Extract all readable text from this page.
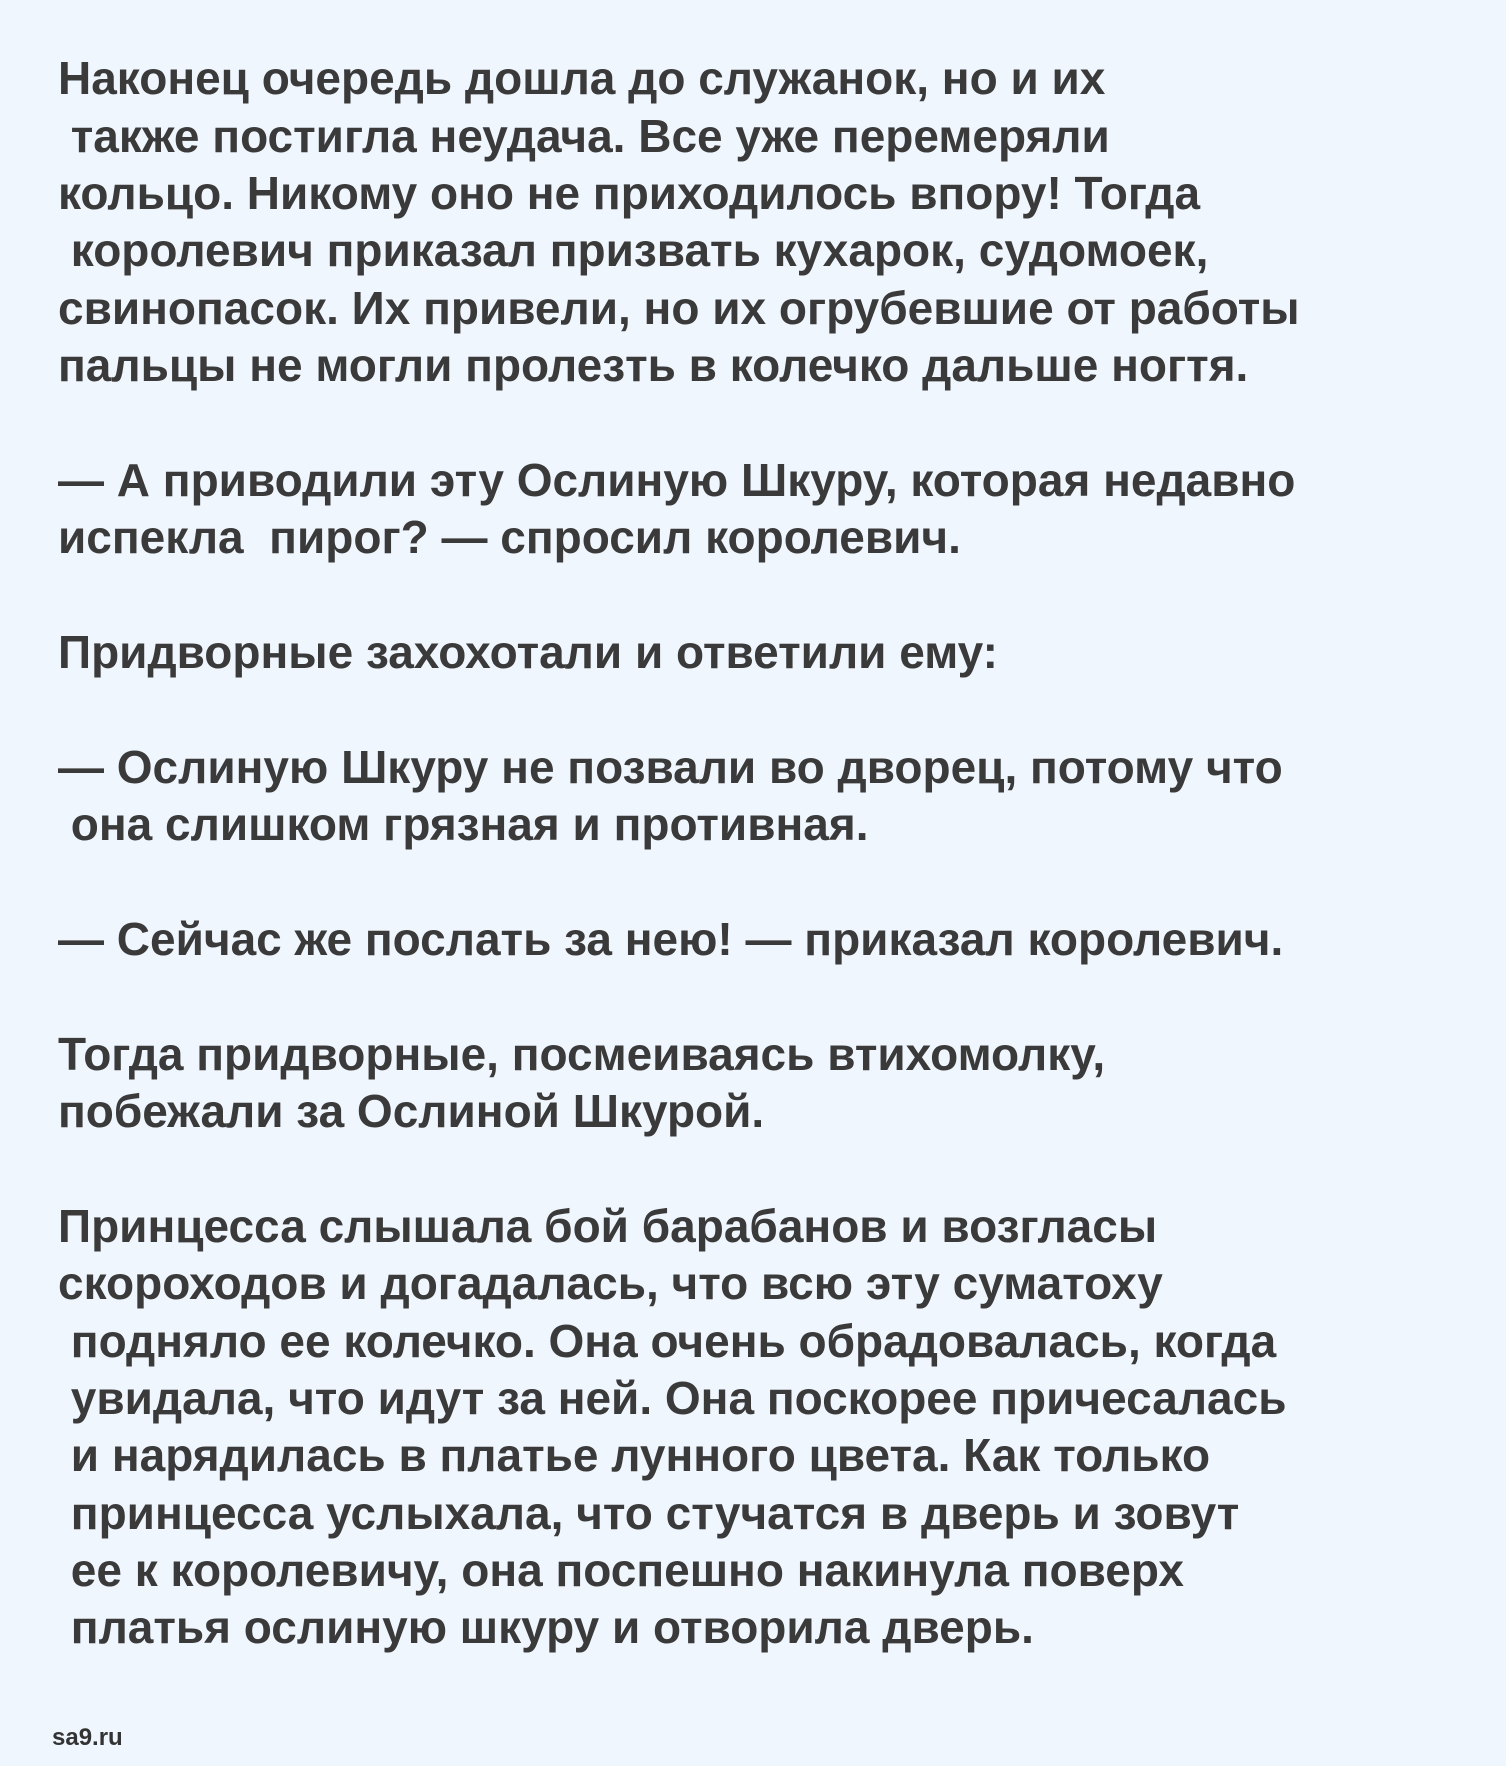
Наконец очередь дошла до служанок, но и их
также постигла неудача. Все уже перемеряли
кольцо. Никому оно не приходилось впору! Тогда
королевич приказал призвать кухарок, судомоек,
свинопасок. Их привели, но их огрубевшие от работы
пальцы не могли пролезть в колечко дальше ногтя.
— А приводили эту Ослиную Шкуру, которая недавно
испекла  пирог? — спросил королевич.
Придворные захохотали и ответили ему:
— Ослиную Шкуру не позвали во дворец, потому что
она слишком грязная и противная.
— Сейчас же послать за нею! — приказал королевич.
Тогда придворные, посмеиваясь втихомолку,
побежали за Ослиной Шкурой.
Принцесса слышала бой барабанов и возгласы
скороходов и догадалась, что всю эту суматоху
подняло ее колечко. Она очень обрадовалась, когда
увидала, что идут за ней. Она поскорее причесалась
и нарядилась в платье лунного цвета. Как только
принцесса услыхала, что стучатся в дверь и зовут
ее к королевичу, она поспешно накинула поверх
платья ослиную шкуру и отворила дверь.
sa9.ru
